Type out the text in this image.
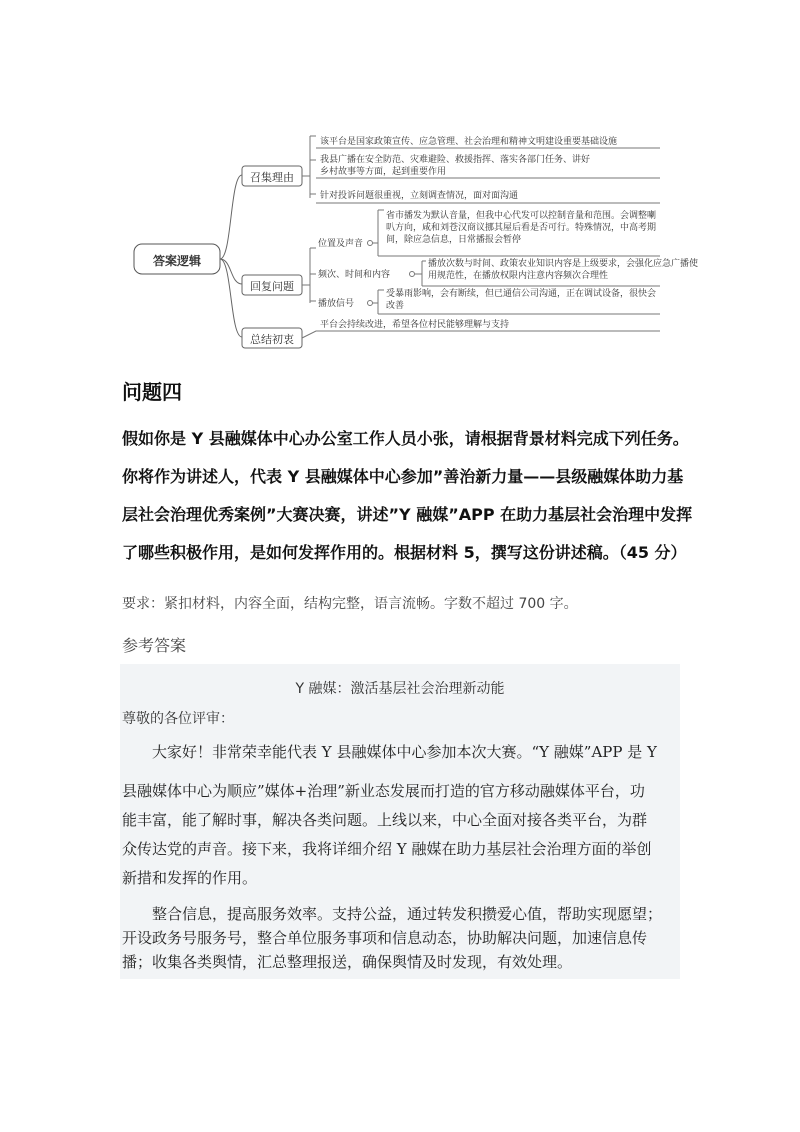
答案逻辑
召集理由
回复问题
总结初衷
该平台是国家政策宣传、应急管理、社会治理和精神文明建设重要基础设施
我县广播在安全防范、灾难避险、救援指挥、落实各部门任务、讲好
乡村故事等方面，起到重要作用
针对投诉问题很重视，立刻调查情况，面对面沟通
位置及声音
省市播发为默认音量，但我中心代发可以控制音量和范围。会调整喇
叭方向，咸和刘苍汉商议挪其屋后看是否可行。特殊情况，中高考期
间，除应急信息，日常播报会暂停
频次、时间和内容
播放次数与时间、政策农业知识内容是上级要求，会强化应急广播使
用规范性，在播放权限内注意内容频次合理性
播放信号
受暴雨影响，会有断续，但已通信公司沟通，正在调试设备，很快会
改善
平台会持续改进，希望各位村民能够理解与支持
问题四

假如你是 Y 县融媒体中心办公室工作人员小张，请根据背景材料完成下列任务。

你将作为讲述人，代表 Y 县融媒体中心参加”善治新力量——县级融媒体助力基

层社会治理优秀案例”大赛决赛，讲述”Y 融媒”APP 在助力基层社会治理中发挥

了哪些积极作用，是如何发挥作用的。根据材料 5，撰写这份讲述稿。（45 分）

要求：紧扣材料，内容全面，结构完整，语言流畅。字数不超过 700 字。
参考答案
Y 融媒：激活基层社会治理新动能
尊敬的各位评审：

大家好！非常荣幸能代表 Y 县融媒体中心参加本次大赛。“Y 融媒”APP 是 Y

县融媒体中心为顺应”媒体+治理”新业态发展而打造的官方移动融媒体平台，功

能丰富，能了解时事，解决各类问题。上线以来，中心全面对接各类平台，为群

众传达党的声音。接下来，我将详细介绍 Y 融媒在助力基层社会治理方面的举创

新措和发挥的作用。

整合信息，提高服务效率。支持公益，通过转发积攒爱心值，帮助实现愿望；

开设政务号服务号，整合单位服务事项和信息动态，协助解决问题，加速信息传

播；收集各类舆情，汇总整理报送，确保舆情及时发现，有效处理。
